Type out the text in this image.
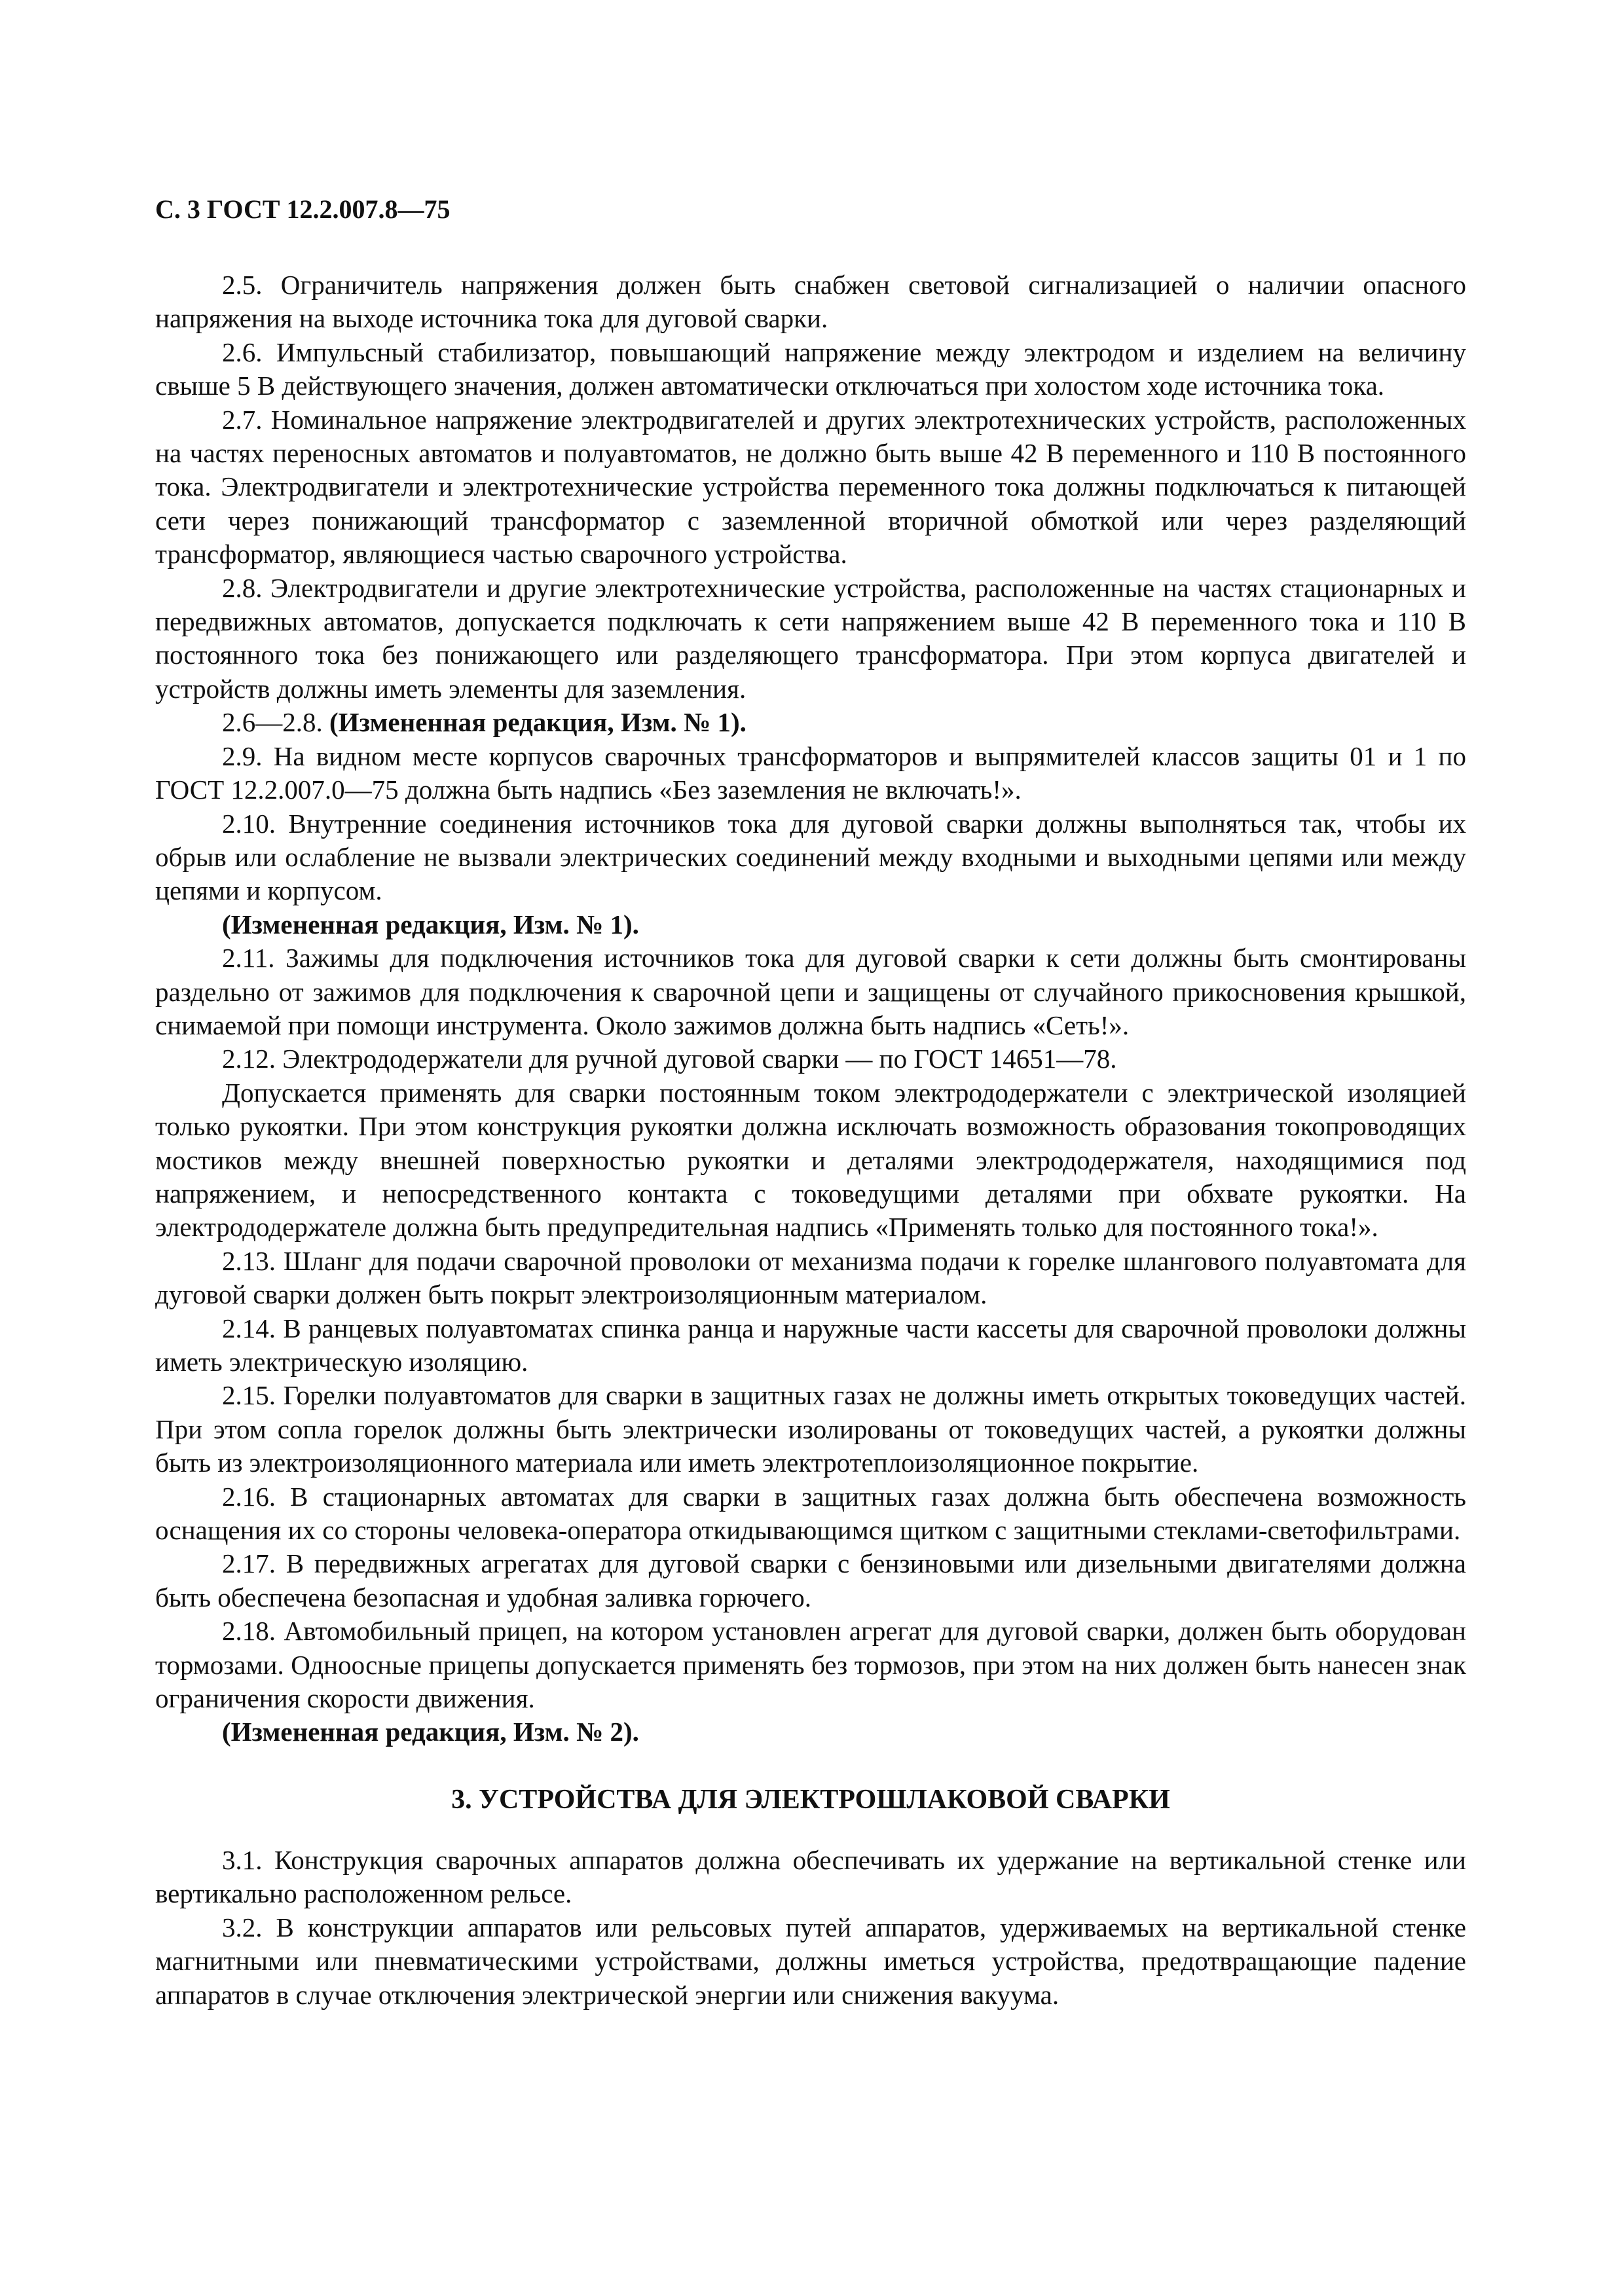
С. 3 ГОСТ 12.2.007.8—75

2.5. Ограничитель напряжения должен быть снабжен световой сигнализацией о наличии опасного напряжения на выходе источника тока для дуговой сварки.

2.6. Импульсный стабилизатор, повышающий напряжение между электродом и изделием на величину свыше 5 В действующего значения, должен автоматически отключаться при холостом ходе источника тока.

2.7. Номинальное напряжение электродвигателей и других электротехнических устройств, расположенных на частях переносных автоматов и полуавтоматов, не должно быть выше 42 В переменного и 110 В постоянного тока. Электродвигатели и электротехнические устройства переменного тока должны подключаться к питающей сети через понижающий трансформатор с заземленной вторичной обмоткой или через разделяющий трансформатор, являющиеся частью сварочного устройства.

2.8. Электродвигатели и другие электротехнические устройства, расположенные на частях стационарных и передвижных автоматов, допускается подключать к сети напряжением выше 42 В переменного тока и 110 В постоянного тока без понижающего или разделяющего трансформатора. При этом корпуса двигателей и устройств должны иметь элементы для заземления.

2.6—2.8. (Измененная редакция, Изм. № 1).

2.9. На видном месте корпусов сварочных трансформаторов и выпрямителей классов защиты 01 и 1 по ГОСТ 12.2.007.0—75 должна быть надпись «Без заземления не включать!».

2.10. Внутренние соединения источников тока для дуговой сварки должны выполняться так, чтобы их обрыв или ослабление не вызвали электрических соединений между входными и выходными цепями или между цепями и корпусом.

(Измененная редакция, Изм. № 1).

2.11. Зажимы для подключения источников тока для дуговой сварки к сети должны быть смонтированы раздельно от зажимов для подключения к сварочной цепи и защищены от случайного прикосновения крышкой, снимаемой при помощи инструмента. Около зажимов должна быть надпись «Сеть!».

2.12. Электрододержатели для ручной дуговой сварки — по ГОСТ 14651—78.

Допускается применять для сварки постоянным током электрододержатели с электрической изоляцией только рукоятки. При этом конструкция рукоятки должна исключать возможность образования токопроводящих мостиков между внешней поверхностью рукоятки и деталями электрододержателя, находящимися под напряжением, и непосредственного контакта с токоведущими деталями при обхвате рукоятки. На электрододержателе должна быть предупредительная надпись «Применять только для постоянного тока!».

2.13. Шланг для подачи сварочной проволоки от механизма подачи к горелке шлангового полуавтомата для дуговой сварки должен быть покрыт электроизоляционным материалом.

2.14. В ранцевых полуавтоматах спинка ранца и наружные части кассеты для сварочной проволоки должны иметь электрическую изоляцию.

2.15. Горелки полуавтоматов для сварки в защитных газах не должны иметь открытых токоведущих частей. При этом сопла горелок должны быть электрически изолированы от токоведущих частей, а рукоятки должны быть из электроизоляционного материала или иметь электротеплоизоляционное покрытие.

2.16. В стационарных автоматах для сварки в защитных газах должна быть обеспечена возможность оснащения их со стороны человека-оператора откидывающимся щитком с защитными стеклами-светофильтрами.

2.17. В передвижных агрегатах для дуговой сварки с бензиновыми или дизельными двигателями должна быть обеспечена безопасная и удобная заливка горючего.

2.18. Автомобильный прицеп, на котором установлен агрегат для дуговой сварки, должен быть оборудован тормозами. Одноосные прицепы допускается применять без тормозов, при этом на них должен быть нанесен знак ограничения скорости движения.

(Измененная редакция, Изм. № 2).

3. УСТРОЙСТВА ДЛЯ ЭЛЕКТРОШЛАКОВОЙ СВАРКИ

3.1. Конструкция сварочных аппаратов должна обеспечивать их удержание на вертикальной стенке или вертикально расположенном рельсе.

3.2. В конструкции аппаратов или рельсовых путей аппаратов, удерживаемых на вертикальной стенке магнитными или пневматическими устройствами, должны иметься устройства, предотвращающие падение аппаратов в случае отключения электрической энергии или снижения вакуума.
